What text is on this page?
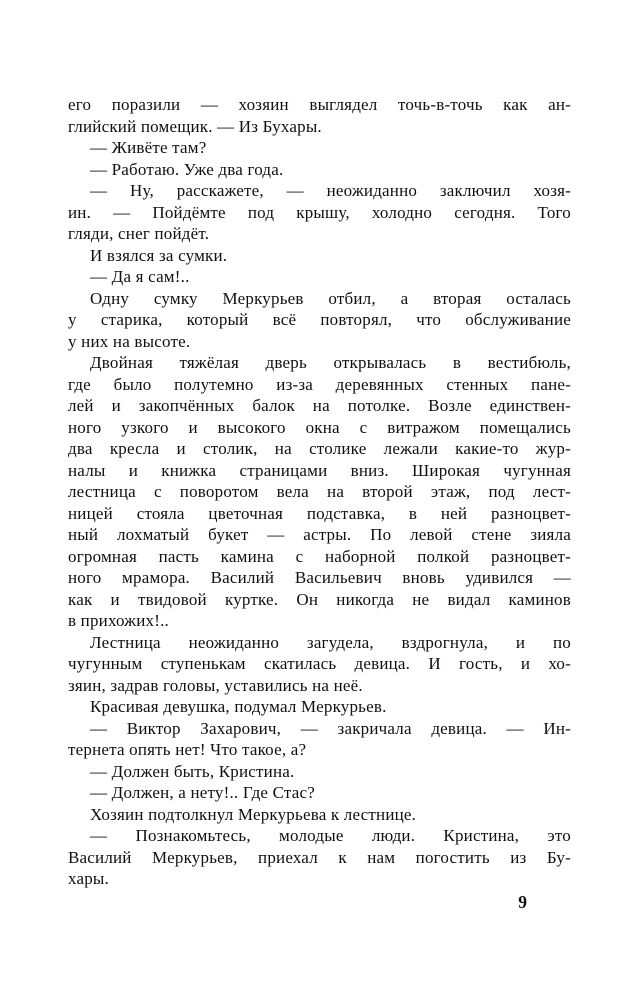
его поразили — хозяин выглядел точь-в-точь как ан-
глийский помещик. — Из Бухары.

— Живёте там?

— Работаю. Уже два года.

— Ну, расскажете, — неожиданно заключил хозя-
ин. — Пойдёмте под крышу, холодно сегодня. Того
гляди, снег пойдёт.

И взялся за сумки.

— Да я сам!..

Одну сумку Меркурьев отбил, а вторая осталась
у старика, который всё повторял, что обслуживание
у них на высоте.

Двойная тяжёлая дверь открывалась в вестибюль,
где было полутемно из-за деревянных стенных пане-
лей и закопчённых балок на потолке. Возле единствен-
ного узкого и высокого окна с витражом помещались
два кресла и столик, на столике лежали какие-то жур-
налы и книжка страницами вниз. Широкая чугунная
лестница с поворотом вела на второй этаж, под лест-
ницей стояла цветочная подставка, в ней разноцвет-
ный лохматый букет — астры. По левой стене зияла
огромная пасть камина с наборной полкой разноцвет-
ного мрамора. Василий Васильевич вновь удивился —
как и твидовой куртке. Он никогда не видал каминов
в прихожих!..

Лестница неожиданно загудела, вздрогнула, и по
чугунным ступенькам скатилась девица. И гость, и хо-
зяин, задрав головы, уставились на неё.

Красивая девушка, подумал Меркурьев.

— Виктор Захарович, — закричала девица. — Ин-
тернета опять нет! Что такое, а?

— Должен быть, Кристина.

— Должен, а нету!.. Где Стас?

Хозяин подтолкнул Меркурьева к лестнице.

— Познакомьтесь, молодые люди. Кристина, это
Василий Меркурьев, приехал к нам погостить из Бу-
хары.

9
